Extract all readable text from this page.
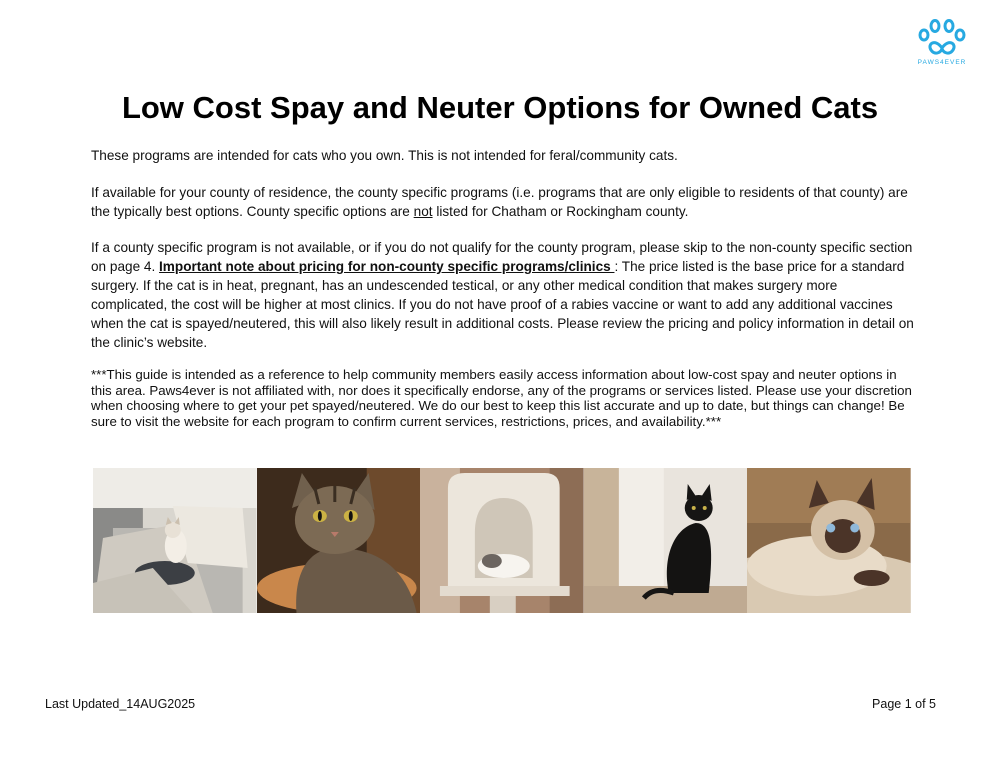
PAWS4EVER
Low Cost Spay and Neuter Options for Owned Cats

These programs are intended for cats who you own. This is not intended for feral/community cats.

If available for your county of residence, the county specific programs (i.e. programs that are only eligible to residents of that county) are the typically best options. County specific options are not listed for Chatham or Rockingham county.

If a county specific program is not available, or if you do not qualify for the county program, please skip to the non-county specific section on page 4. Important note about pricing for non-county specific programs/clinics : The price listed is the base price for a standard surgery. If the cat is in heat, pregnant, has an undescended testical, or any other medical condition that makes surgery more complicated, the cost will be higher at most clinics. If you do not have proof of a rabies vaccine or want to add any additional vaccines when the cat is spayed/neutered, this will also likely result in additional costs. Please review the pricing and policy information in detail on the clinic’s website.

***This guide is intended as a reference to help community members easily access information about low-cost spay and neuter options in this area. Paws4ever is not affiliated with, nor does it specifically endorse, any of the programs or services listed. Please use your discretion when choosing where to get your pet spayed/neutered. We do our best to keep this list accurate and up to date, but things can change! Be sure to visit the website for each program to confirm current services, restrictions, prices, and availability.***

Last Updated_14AUG2025	Page 1 of 5
